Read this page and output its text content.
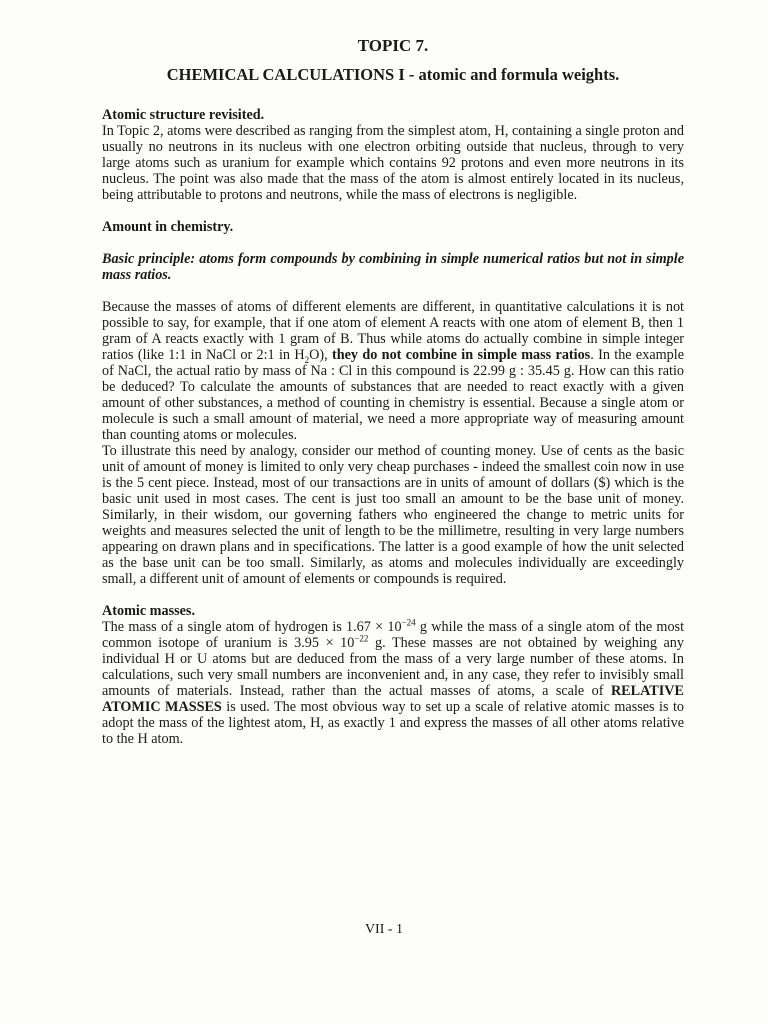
TOPIC 7.
CHEMICAL CALCULATIONS I - atomic and formula weights.
Atomic structure revisited.

In Topic 2, atoms were described as ranging from the simplest atom, H, containing a single proton and usually no neutrons in its nucleus with one electron orbiting outside that nucleus, through to very large atoms such as uranium for example which contains 92 protons and even more neutrons in its nucleus. The point was also made that the mass of the atom is almost entirely located in its nucleus, being attributable to protons and neutrons, while the mass of electrons is negligible.

Amount in chemistry.
Basic principle: atoms form compounds by combining in simple numerical ratios but not in simple mass ratios.

Because the masses of atoms of different elements are different, in quantitative calculations it is not possible to say, for example, that if one atom of element A reacts with one atom of element B, then 1 gram of A reacts exactly with 1 gram of B. Thus while atoms do actually combine in simple integer ratios (like 1:1 in NaCl or 2:1 in $H_2O$), they do not combine in simple mass ratios. In the example of NaCl, the actual ratio by mass of Na : Cl in this compound is 22.99 g : 35.45 g. How can this ratio be deduced? To calculate the amounts of substances that are needed to react exactly with a given amount of other substances, a method of counting in chemistry is essential. Because a single atom or molecule is such a small amount of material, we need a more appropriate way of measuring amount than counting atoms or molecules.

To illustrate this need by analogy, consider our method of counting money. Use of cents as the basic unit of amount of money is limited to only very cheap purchases - indeed the smallest coin now in use is the 5 cent piece. Instead, most of our transactions are in units of amount of dollars ($) which is the basic unit used in most cases. The cent is just too small an amount to be the base unit of money. Similarly, in their wisdom, our governing fathers who engineered the change to metric units for weights and measures selected the unit of length to be the millimetre, resulting in very large numbers appearing on drawn plans and in specifications. The latter is a good example of how the unit selected as the base unit can be too small. Similarly, as atoms and molecules individually are exceedingly small, a different unit of amount of elements or compounds is required.

Atomic masses.

The mass of a single atom of hydrogen is $1.67 \times 10^{-24}$ g while the mass of a single atom of the most common isotope of uranium is $3.95 \times 10^{-22}$ g. These masses are not obtained by weighing any individual H or U atoms but are deduced from the mass of a very large number of these atoms. In calculations, such very small numbers are inconvenient and, in any case, they refer to invisibly small amounts of materials. Instead, rather than the actual masses of atoms, a scale of RELATIVE ATOMIC MASSES is used. The most obvious way to set up a scale of relative atomic masses is to adopt the mass of the lightest atom, H, as exactly 1 and express the masses of all other atoms relative to the H atom.

VII - 1
